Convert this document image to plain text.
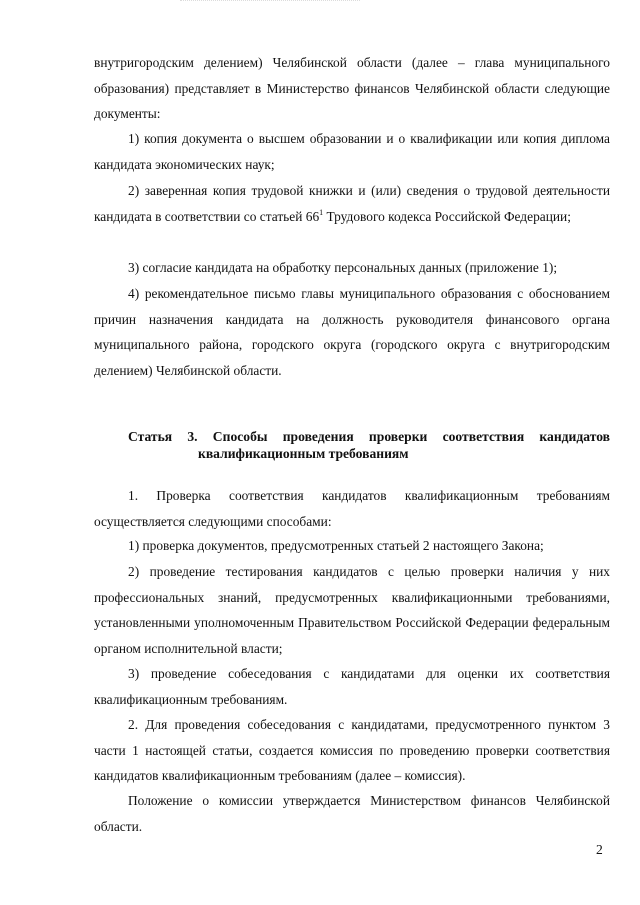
внутригородским делением) Челябинской области (далее – глава муниципального образования) представляет в Министерство финансов Челябинской области следующие документы:

1) копия документа о высшем образовании и о квалификации или копия диплома кандидата экономических наук;

2) заверенная копия трудовой книжки и (или) сведения о трудовой деятельности кандидата в соответствии со статьей $66^1$ Трудового кодекса Российской Федерации;

3) согласие кандидата на обработку персональных данных (приложение 1);

4) рекомендательное письмо главы муниципального образования с обоснованием причин назначения кандидата на должность руководителя финансового органа муниципального района, городского округа (городского округа с внутригородским делением) Челябинской области.

Статья 3. Способы проведения проверки соответствия кандидатов

квалификационным требованиям

1. Проверка соответствия кандидатов квалификационным требованиям осуществляется следующими способами:

1) проверка документов, предусмотренных статьей 2 настоящего Закона;

2) проведение тестирования кандидатов с целью проверки наличия у них профессиональных знаний, предусмотренных квалификационными требованиями, установленными уполномоченным Правительством Российской Федерации федеральным органом исполнительной власти;

3) проведение собеседования с кандидатами для оценки их соответствия квалификационным требованиям.

2. Для проведения собеседования с кандидатами, предусмотренного пунктом 3 части 1 настоящей статьи, создается комиссия по проведению проверки соответствия кандидатов квалификационным требованиям (далее – комиссия).

Положение о комиссии утверждается Министерством финансов Челябинской области.

2
